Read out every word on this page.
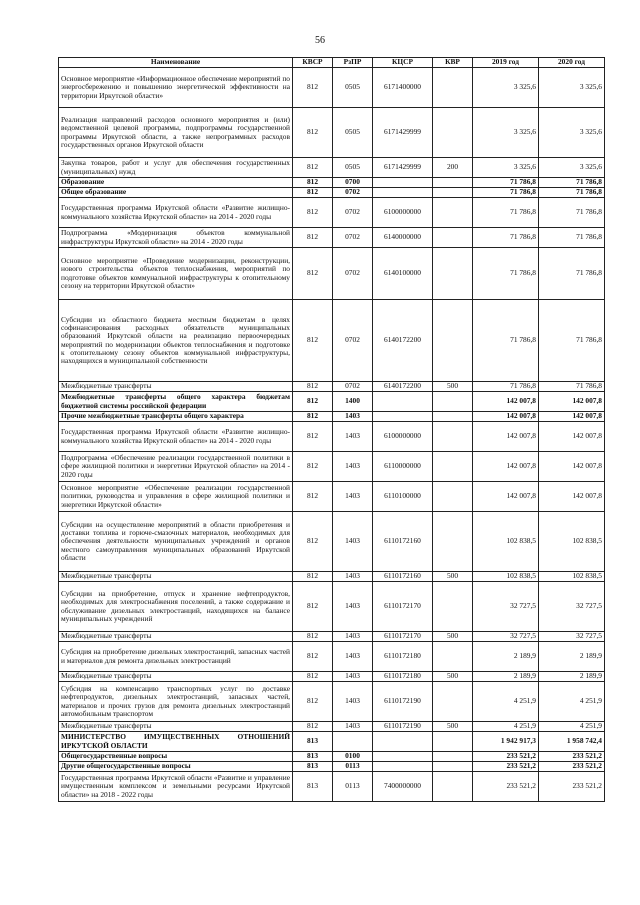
56
Наименование	КВСР	РзПР	КЦСР	КВР	2019 год	2020 год
Основное мероприятие «Информационное обеспечение мероприятий по энергосбережению и повышению энергетической эффективности на территории Иркутской области»	812	0505	6171400000		3 325,6	3 325,6
Реализация направлений расходов основного мероприятия и (или) ведомственной целевой программы, подпрограммы государственной программы Иркутской области, а также непрограммных расходов государственных органов Иркутской области	812	0505	6171429999		3 325,6	3 325,6
Закупка товаров, работ и услуг для обеспечения государственных (муниципальных) нужд	812	0505	6171429999	200	3 325,6	3 325,6
Образование	812	0700			71 786,8	71 786,8
Общее образование	812	0702			71 786,8	71 786,8
Государственная программа Иркутской области «Развитие жилищно-коммунального хозяйства Иркутской области» на 2014 - 2020 годы	812	0702	6100000000		71 786,8	71 786,8
Подпрограмма «Модернизация объектов коммунальной инфраструктуры Иркутской области» на 2014 - 2020 годы	812	0702	6140000000		71 786,8	71 786,8
Основное мероприятие «Проведение модернизации, реконструкции, нового строительства объектов теплоснабжения, мероприятий по подготовке объектов коммунальной инфраструктуры к отопительному сезону на территории Иркутской области»	812	0702	6140100000		71 786,8	71 786,8
Субсидии из областного бюджета местным бюджетам в целях софинансирования расходных обязательств муниципальных образований Иркутской области на реализацию первоочередных мероприятий по модернизации объектов теплоснабжения и подготовке к отопительному сезону объектов коммунальной инфраструктуры, находящихся в муниципальной собственности	812	0702	6140172200		71 786,8	71 786,8
Межбюджетные трансферты	812	0702	6140172200	500	71 786,8	71 786,8
Межбюджетные трансферты общего характера бюджетам бюджетной системы российской федерации	812	1400			142 007,8	142 007,8
Прочие межбюджетные трансферты общего характера	812	1403			142 007,8	142 007,8
Государственная программа Иркутской области «Развитие жилищно-коммунального хозяйства Иркутской области» на 2014 - 2020 годы	812	1403	6100000000		142 007,8	142 007,8
Подпрограмма «Обеспечение реализации государственной политики в сфере жилищной политики и энергетики Иркутской области» на 2014 - 2020 годы	812	1403	6110000000		142 007,8	142 007,8
Основное мероприятие «Обеспечение реализации государственной политики, руководства и управления в сфере жилищной политики и энергетики Иркутской области»	812	1403	6110100000		142 007,8	142 007,8
Субсидии на осуществление мероприятий в области приобретения и доставки топлива и горюче-смазочных материалов, необходимых для обеспечения деятельности муниципальных учреждений и органов местного самоуправления муниципальных образований Иркутской области	812	1403	6110172160		102 838,5	102 838,5
Межбюджетные трансферты	812	1403	6110172160	500	102 838,5	102 838,5
Субсидии на приобретение, отпуск и хранение нефтепродуктов, необходимых для электроснабжения поселений, а также содержание и обслуживание дизельных электростанций, находящихся на балансе муниципальных учреждений	812	1403	6110172170		32 727,5	32 727,5
Межбюджетные трансферты	812	1403	6110172170	500	32 727,5	32 727,5
Субсидия на приобретение дизельных электростанций, запасных частей и материалов для ремонта дизельных электростанций	812	1403	6110172180		2 189,9	2 189,9
Межбюджетные трансферты	812	1403	6110172180	500	2 189,9	2 189,9
Субсидия на компенсацию транспортных услуг по доставке нефтепродуктов, дизельных электростанций, запасных частей, материалов и прочих грузов для ремонта дизельных электростанций автомобильным транспортом	812	1403	6110172190		4 251,9	4 251,9
Межбюджетные трансферты	812	1403	6110172190	500	4 251,9	4 251,9
МИНИСТЕРСТВО ИМУЩЕСТВЕННЫХ ОТНОШЕНИЙ ИРКУТСКОЙ ОБЛАСТИ	813				1 942 917,3	1 958 742,4
Общегосударственные вопросы	813	0100			233 521,2	233 521,2
Другие общегосударственные вопросы	813	0113			233 521,2	233 521,2
Государственная программа Иркутской области «Развитие и управление имущественным комплексом и земельными ресурсами Иркутской области» на 2018 - 2022 годы	813	0113	7400000000		233 521,2	233 521,2
